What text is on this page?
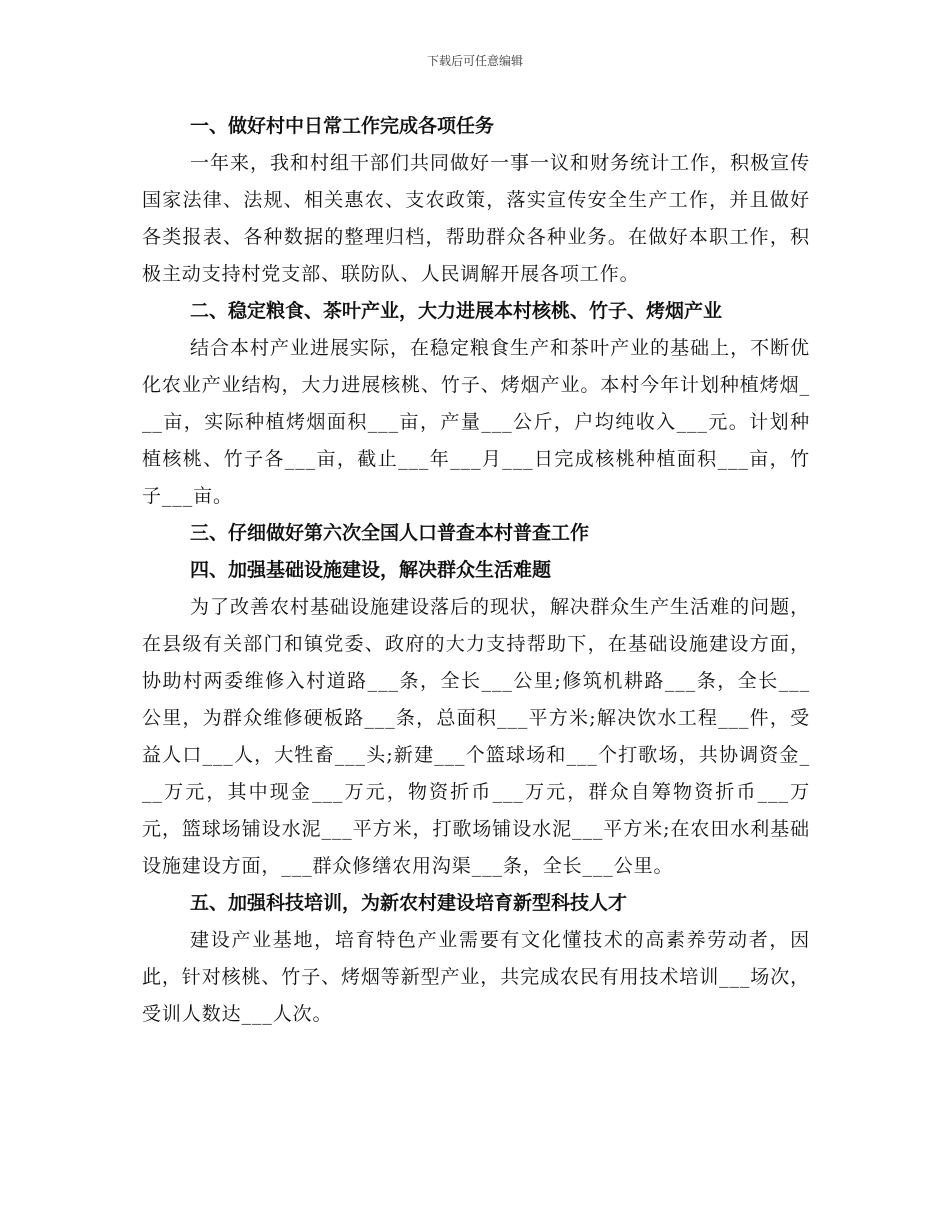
下载后可任意编辑

一、做好村中日常工作完成各项任务

一年来，我和村组干部们共同做好一事一议和财务统计工作，积极宣传国家法律、法规、相关惠农、支农政策，落实宣传安全生产工作，并且做好各类报表、各种数据的整理归档，帮助群众各种业务。在做好本职工作，积极主动支持村党支部、联防队、人民调解开展各项工作。

二、稳定粮食、茶叶产业，大力进展本村核桃、竹子、烤烟产业

结合本村产业进展实际，在稳定粮食生产和茶叶产业的基础上，不断优化农业产业结构，大力进展核桃、竹子、烤烟产业。本村今年计划种植烤烟___亩，实际种植烤烟面积___亩，产量___公斤，户均纯收入___元。计划种植核桃、竹子各___亩，截止___年___月___日完成核桃种植面积___亩，竹子___亩。

三、仔细做好第六次全国人口普查本村普查工作

四、加强基础设施建设，解决群众生活难题

为了改善农村基础设施建设落后的现状，解决群众生产生活难的问题，在县级有关部门和镇党委、政府的大力支持帮助下，在基础设施建设方面，协助村两委维修入村道路___条，全长___公里;修筑机耕路___条，全长___公里，为群众维修硬板路___条，总面积___平方米;解决饮水工程___件，受益人口___人，大牲畜___头;新建___个篮球场和___个打歌场，共协调资金___万元，其中现金___万元，物资折币___万元，群众自筹物资折币___万元，篮球场铺设水泥___平方米，打歌场铺设水泥___平方米;在农田水利基础设施建设方面，___群众修缮农用沟渠___条，全长___公里。

五、加强科技培训，为新农村建设培育新型科技人才

建设产业基地，培育特色产业需要有文化懂技术的高素养劳动者，因此，针对核桃、竹子、烤烟等新型产业，共完成农民有用技术培训___场次，受训人数达___人次。
